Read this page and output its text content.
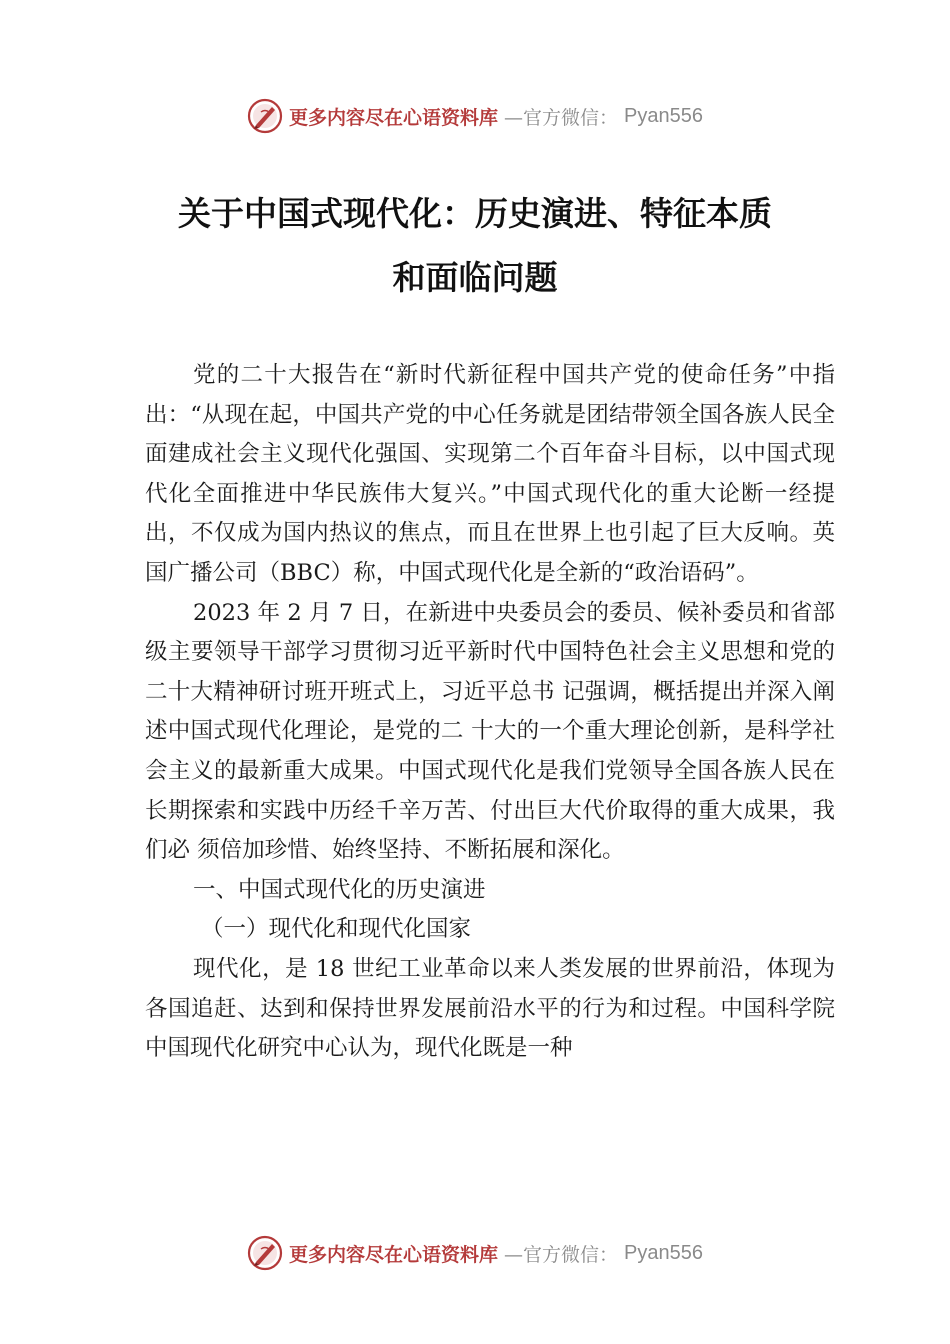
更多内容尽在心语资料库 —官方微信： Pyan556
关于中国式现代化：历史演进、特征本质
和面临问题

党的二十大报告在“新时代新征程中国共产党的使命任务”中指出：“从现在起，中国共产党的中心任务就是团结带领全国各族人民全面建成社会主义现代化强国、实现第二个百年奋斗目标，以中国式现代化全面推进中华民族伟大复兴。”中国式现代化的重大论断一经提出，不仅成为国内热议的焦点，而且在世界上也引起了巨大反响。英国广播公司（BBC）称，中国式现代化是全新的“政治语码”。

2023 年 2 月 7 日，在新进中央委员会的委员、候补委员和省部级主要领导干部学习贯彻习近平新时代中国特色社会主义思想和党的二十大精神研讨班开班式上，习近平总书 记强调，概括提出并深入阐述中国式现代化理论，是党的二 十大的一个重大理论创新，是科学社会主义的最新重大成果。中国式现代化是我们党领导全国各族人民在长期探索和实践中历经千辛万苦、付出巨大代价取得的重大成果，我们必 须倍加珍惜、始终坚持、不断拓展和深化。

一、中国式现代化的历史演进

（一）现代化和现代化国家

现代化，是 18 世纪工业革命以来人类发展的世界前沿，体现为各国追赶、达到和保持世界发展前沿水平的行为和过程。中国科学院中国现代化研究中心认为，现代化既是一种

更多内容尽在心语资料库 —官方微信： Pyan556
